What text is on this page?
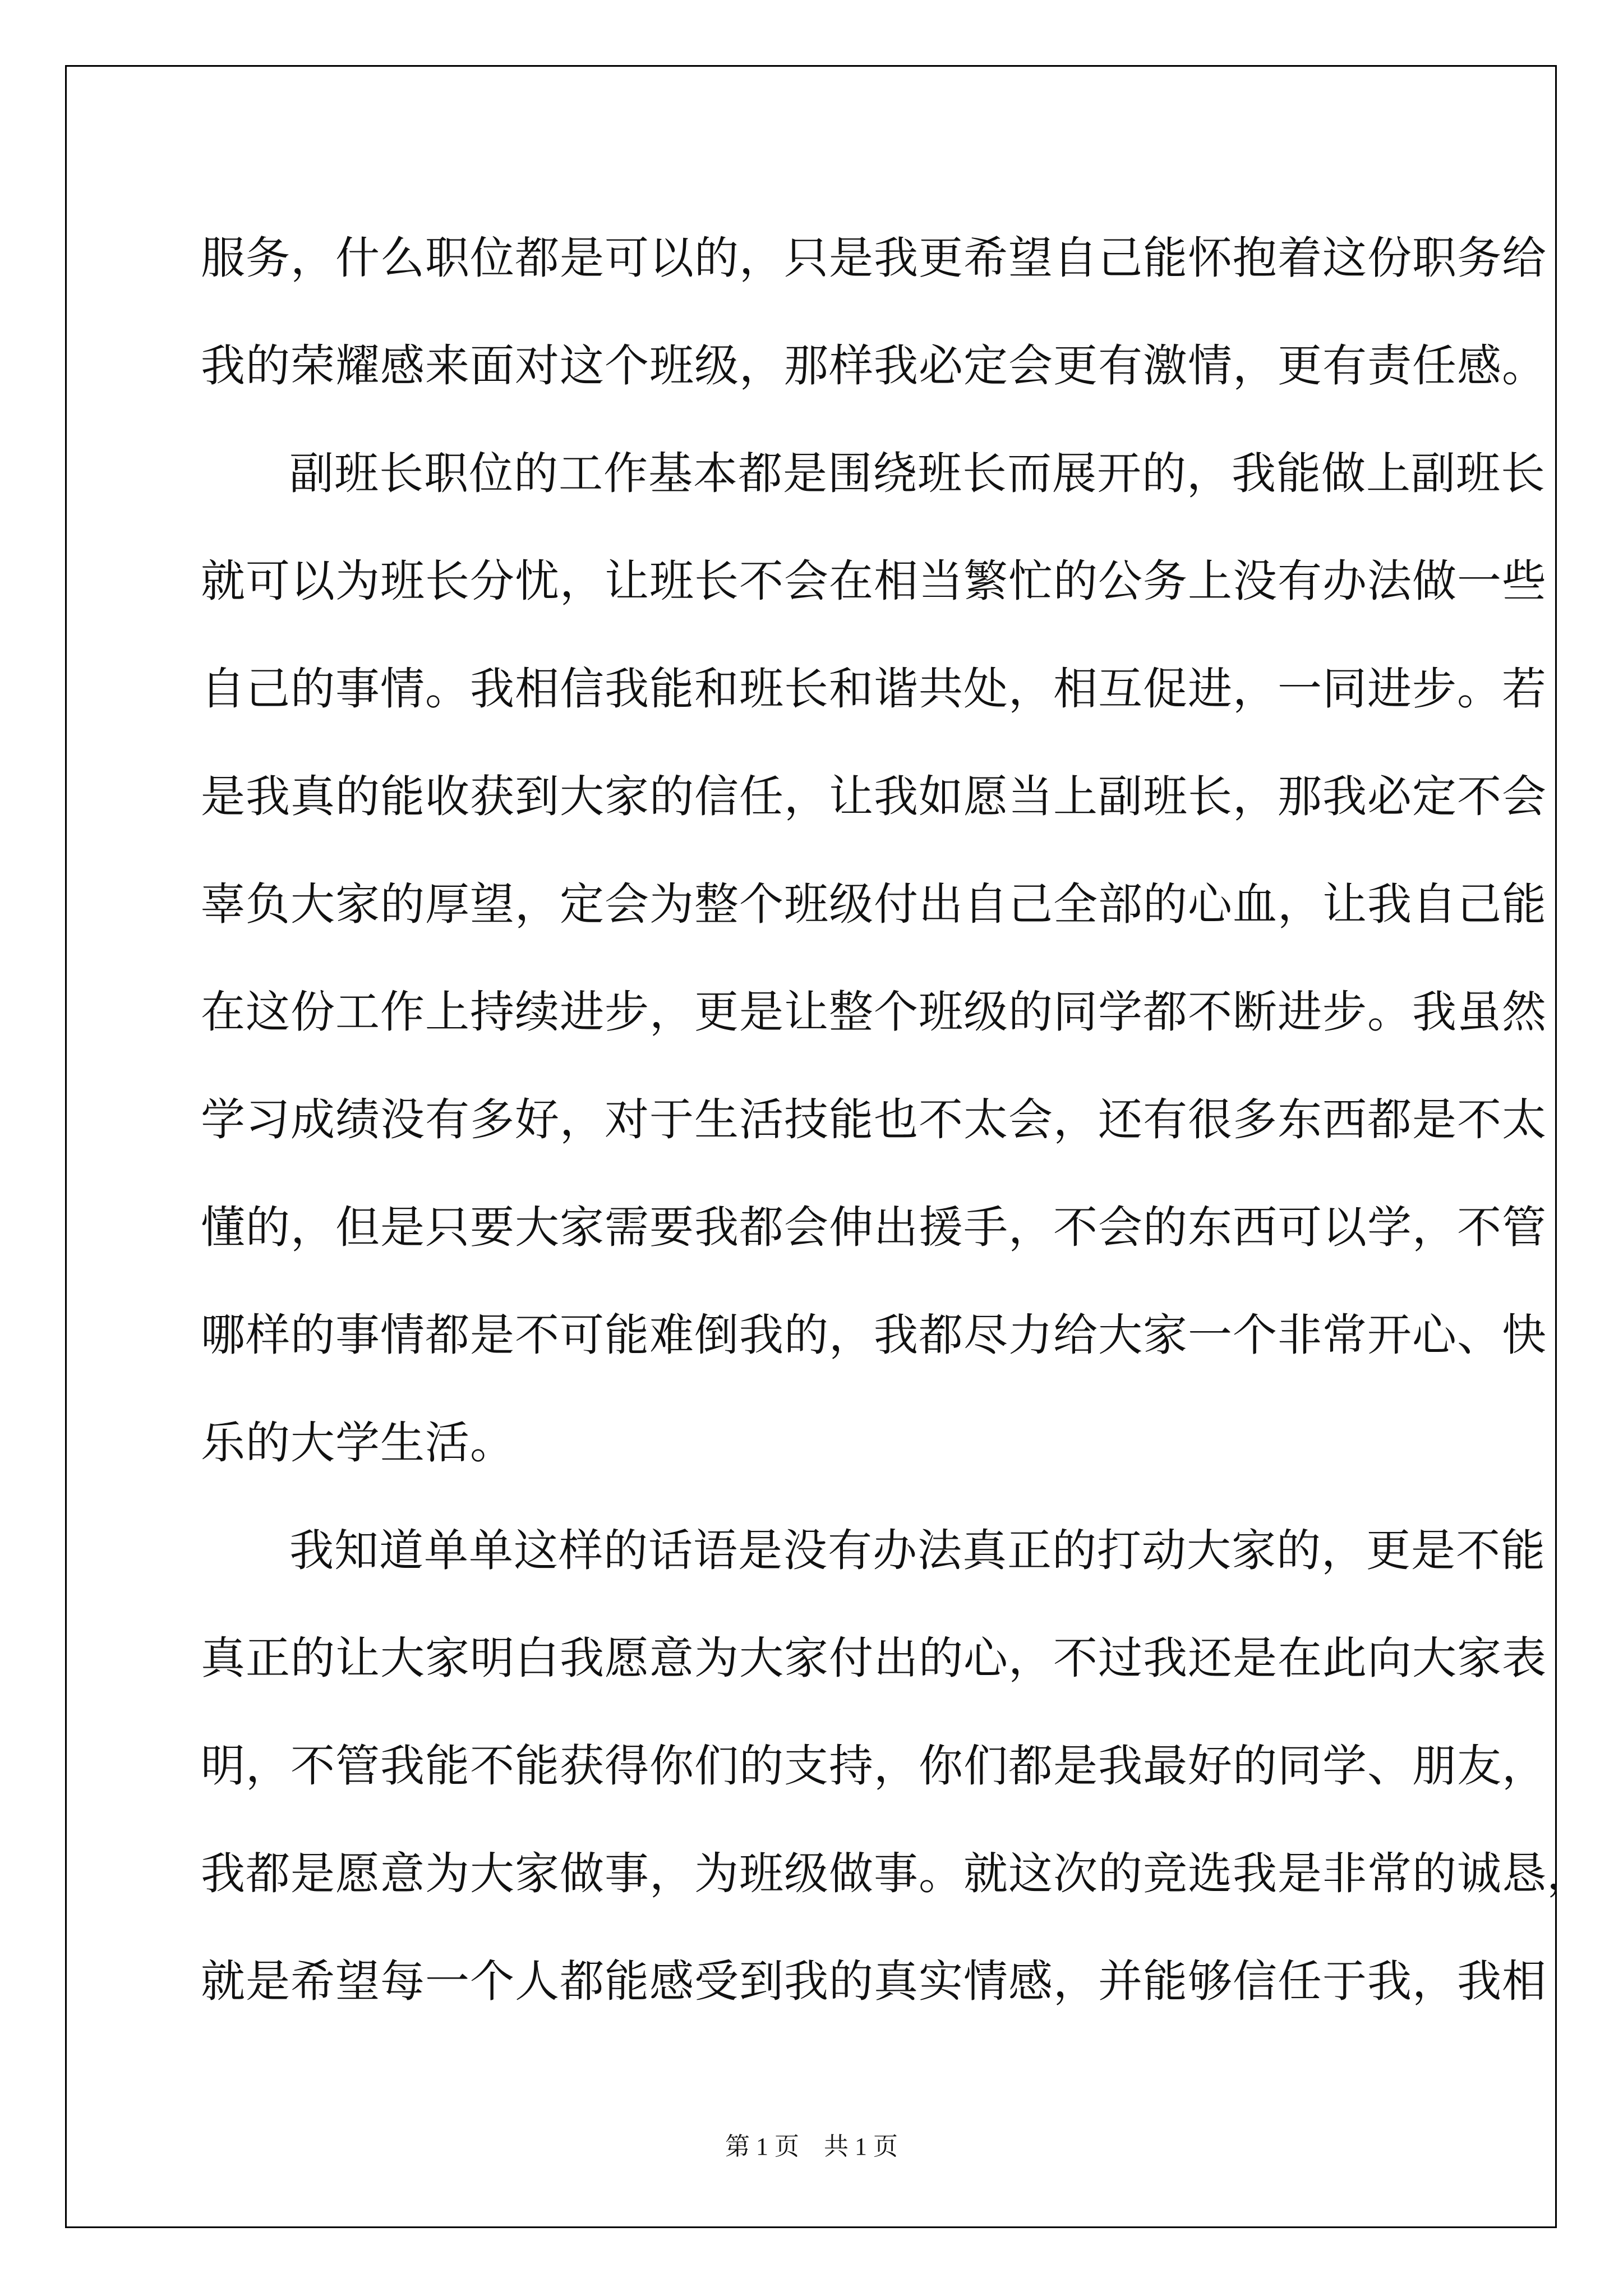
服 务 ， 什 么 职 位 都 是 可 以 的 ， 只 是 我 更 希 望 自 己 能 怀 抱 着 这 份 职 务 给
我 的 荣 耀 感 来 面 对 这 个 班 级 ， 那 样 我 必 定 会 更 有 激 情 ， 更 有 责 任 感 。
副 班 长 职 位 的 工 作 基 本 都 是 围 绕 班 长 而 展 开 的 ， 我 能 做 上 副 班 长
就 可 以 为 班 长 分 忧 ， 让 班 长 不 会 在 相 当 繁 忙 的 公 务 上 没 有 办 法 做 一 些
自 己 的 事 情 。 我 相 信 我 能 和 班 长 和 谐 共 处 ， 相 互 促 进 ， 一 同 进 步 。 若
是 我 真 的 能 收 获 到 大 家 的 信 任 ， 让 我 如 愿 当 上 副 班 长 ， 那 我 必 定 不 会
辜 负 大 家 的 厚 望 ， 定 会 为 整 个 班 级 付 出 自 己 全 部 的 心 血 ， 让 我 自 己 能
在 这 份 工 作 上 持 续 进 步 ， 更 是 让 整 个 班 级 的 同 学 都 不 断 进 步 。 我 虽 然
学 习 成 绩 没 有 多 好 ， 对 于 生 活 技 能 也 不 太 会 ， 还 有 很 多 东 西 都 是 不 太
懂 的 ， 但 是 只 要 大 家 需 要 我 都 会 伸 出 援 手 ， 不 会 的 东 西 可 以 学 ， 不 管
哪 样 的 事 情 都 是 不 可 能 难 倒 我 的 ， 我 都 尽 力 给 大 家 一 个 非 常 开 心 、 快
乐 的 大 学 生 活 。
我 知 道 单 单 这 样 的 话 语 是 没 有 办 法 真 正 的 打 动 大 家 的 ， 更 是 不 能
真 正 的 让 大 家 明 白 我 愿 意 为 大 家 付 出 的 心 ， 不 过 我 还 是 在 此 向 大 家 表
明 ， 不 管 我 能 不 能 获 得 你 们 的 支 持 ， 你 们 都 是 我 最 好 的 同 学 、 朋 友 ，
我 都 是 愿 意 为 大 家 做 事 ， 为 班 级 做 事 。 就 这 次 的 竞 选 我 是 非 常 的 诚 恳 ，
就 是 希 望 每 一 个 人 都 能 感 受 到 我 的 真 实 情 感 ， 并 能 够 信 任 于 我 ， 我 相
第 1 页　共 1 页
